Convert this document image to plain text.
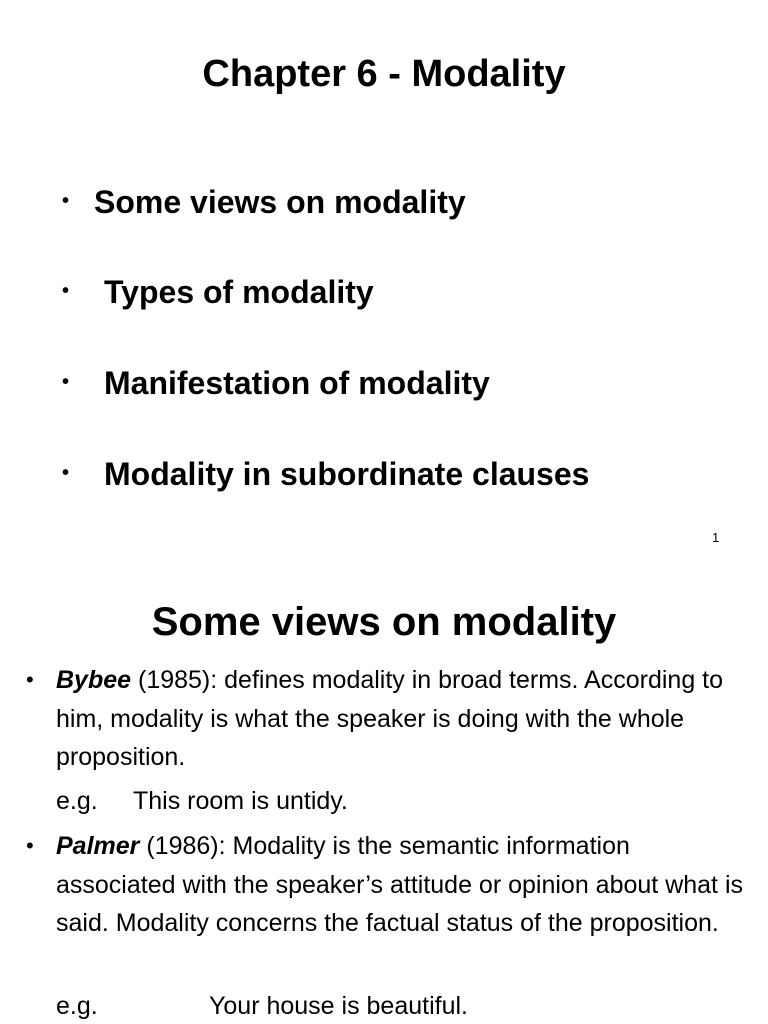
Chapter 6 - Modality
• Some views on modality
• Types of modality
• Manifestation of modality
• Modality in subordinate clauses
1
Some views on modality
• Bybee (1985): defines modality in broad terms. According to him, modality is what the speaker is doing with the whole proposition.
e.g. This room is untidy.
• Palmer (1986): Modality is the semantic information associated with the speaker’s attitude or opinion about what is said. Modality concerns the factual status of the proposition.
e.g.	Your house is beautiful.
